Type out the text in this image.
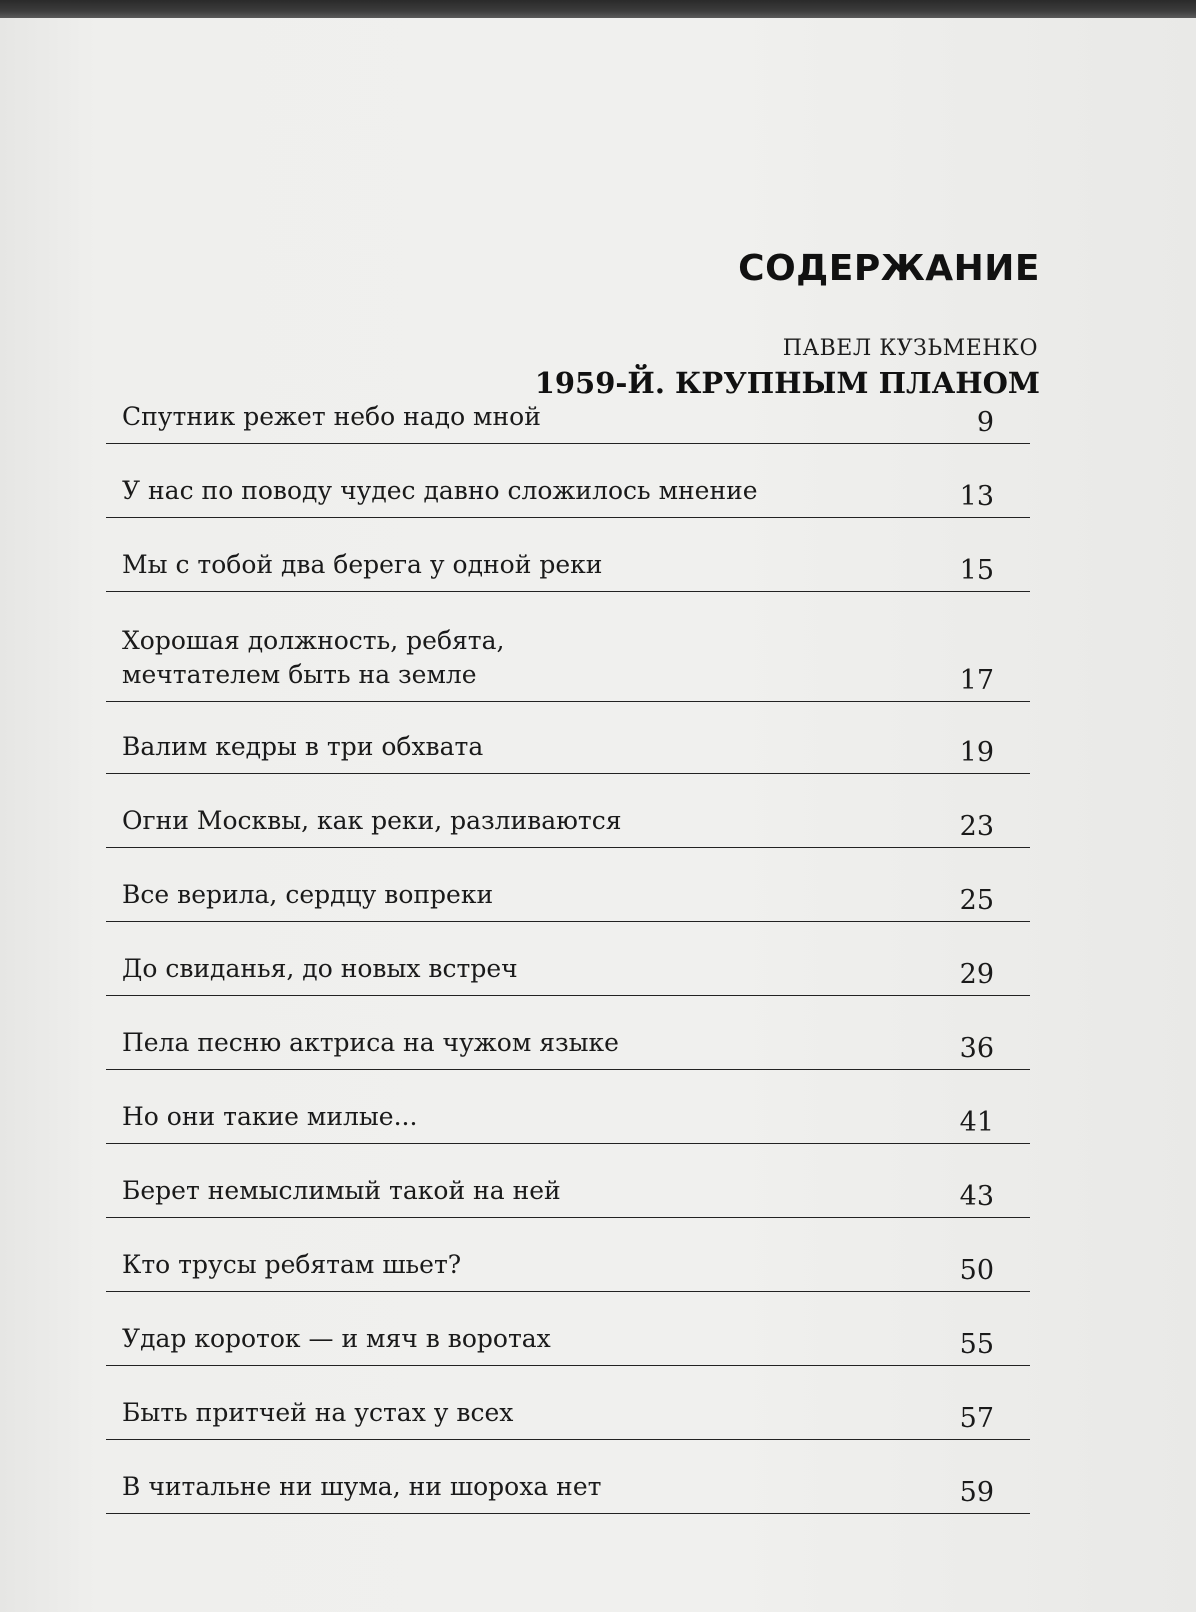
СОДЕРЖАНИЕ
ПАВЕЛ КУЗЬМЕНКО
1959-Й. КРУПНЫМ ПЛАНОМ
Спутник режет небо надо мной	9
У нас по поводу чудес давно сложилось мнение	13
Мы с тобой два берега у одной реки	15
Хорошая должность, ребята,
мечтателем быть на земле	17
Валим кедры в три обхвата	19
Огни Москвы, как реки, разливаются	23
Все верила, сердцу вопреки	25
До свиданья, до новых встреч	29
Пела песню актриса на чужом языке	36
Но они такие милые...	41
Берет немыслимый такой на ней	43
Кто трусы ребятам шьет?	50
Удар короток — и мяч в воротах	55
Быть притчей на устах у всех	57
В читальне ни шума, ни шороха нет	59
